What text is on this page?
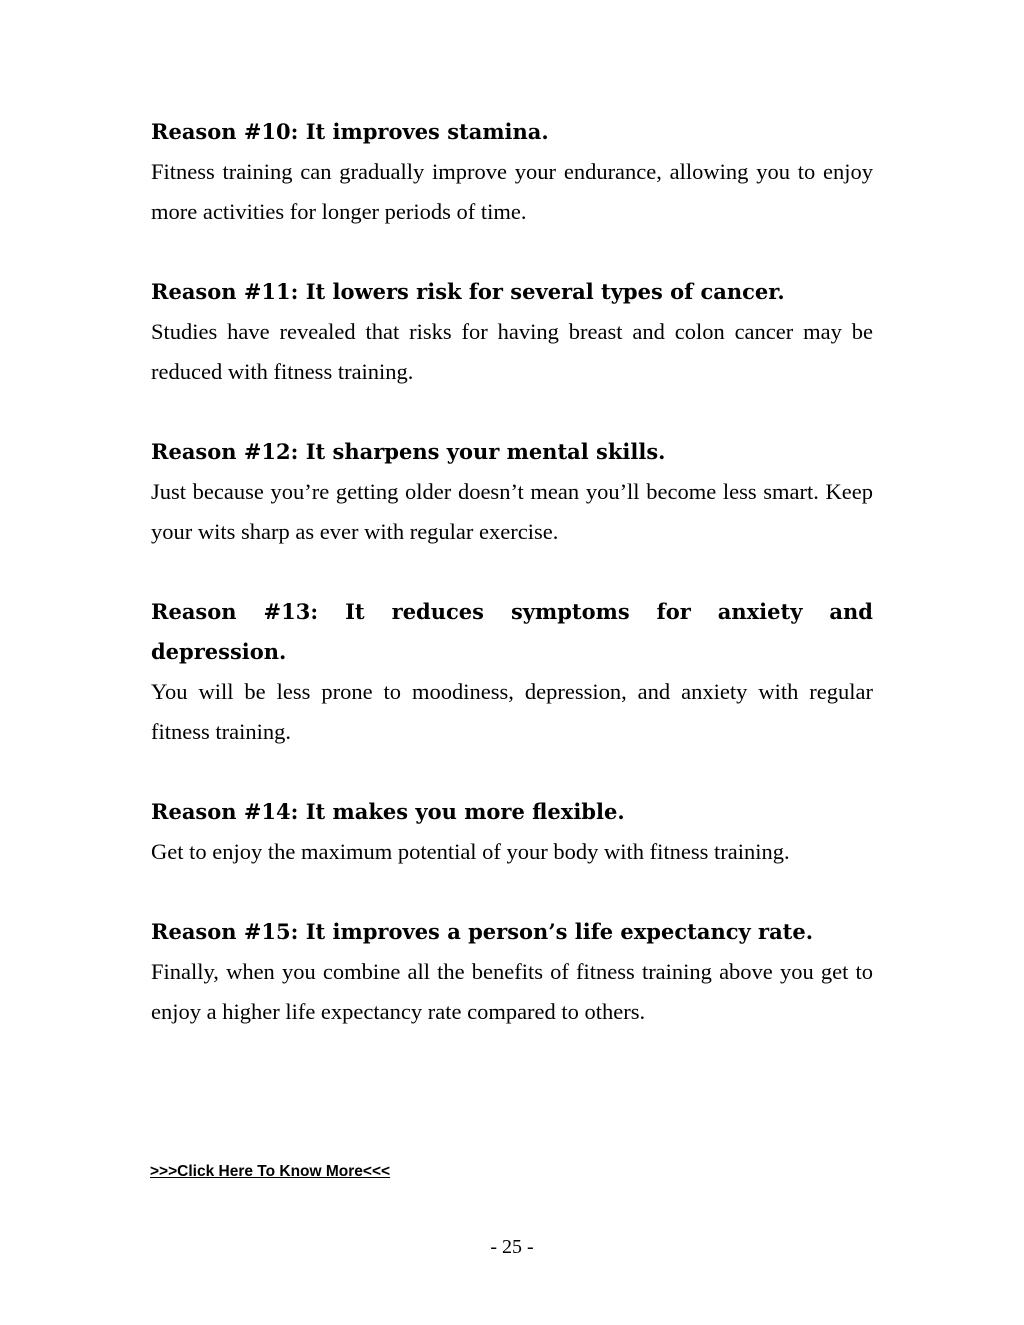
Reason #10: It improves stamina.

Fitness training can gradually improve your endurance, allowing you to enjoy more activities for longer periods of time.

Reason #11: It lowers risk for several types of cancer.

Studies have revealed that risks for having breast and colon cancer may be reduced with fitness training.

Reason #12: It sharpens your mental skills.

Just because you’re getting older doesn’t mean you’ll become less smart. Keep your wits sharp as ever with regular exercise.

Reason #13: It reduces symptoms for anxiety and depression.

You will be less prone to moodiness, depression, and anxiety with regular fitness training.

Reason #14: It makes you more flexible.

Get to enjoy the maximum potential of your body with fitness training.

Reason #15: It improves a person’s life expectancy rate.

Finally, when you combine all the benefits of fitness training above you get to enjoy a higher life expectancy rate compared to others.

>>>Click Here To Know More<<<
- 25 -
